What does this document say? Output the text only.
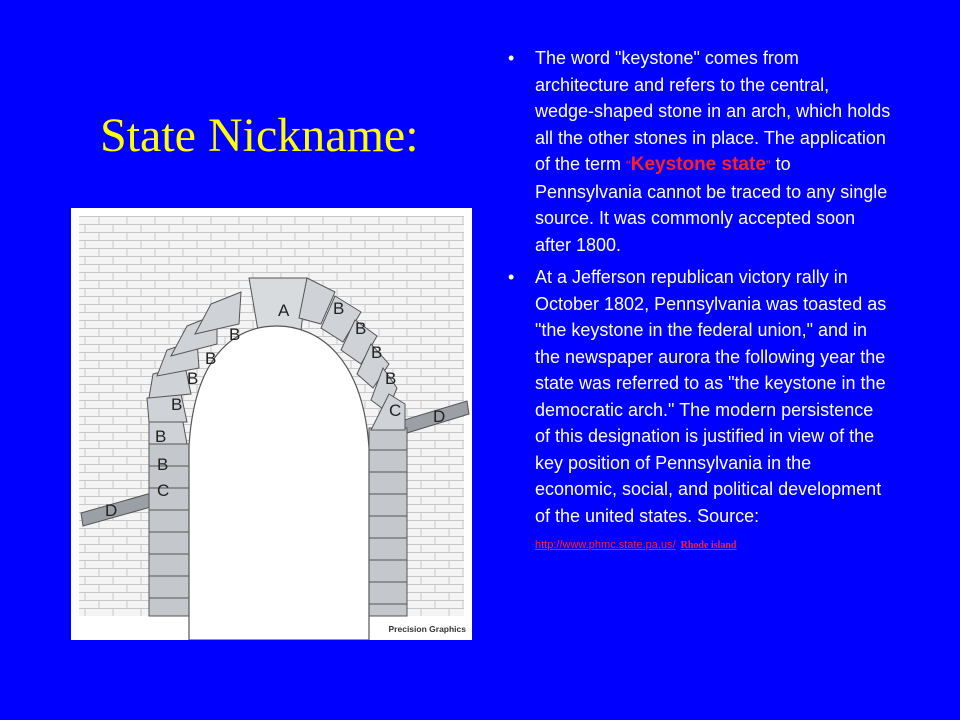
State Nickname:
A
B
B
B
B
B
B
B
B
B
B
C
C
D
D
Precision Graphics
• The word "keystone" comes from architecture and refers to the central, wedge-shaped stone in an arch, which holds all the other stones in place. The application of the term “Keystone state” to Pennsylvania cannot be traced to any single source. It was commonly accepted soon after 1800.
• At a Jefferson republican victory rally in October 1802, Pennsylvania was toasted as "the keystone in the federal union," and in the newspaper aurora the following year the state was referred to as "the keystone in the democratic arch." The modern persistence of this designation is justified in view of the key position of Pennsylvania in the economic, social, and political development of the united states. Source: http://www.phmc.state.pa.us/ Rhode island
